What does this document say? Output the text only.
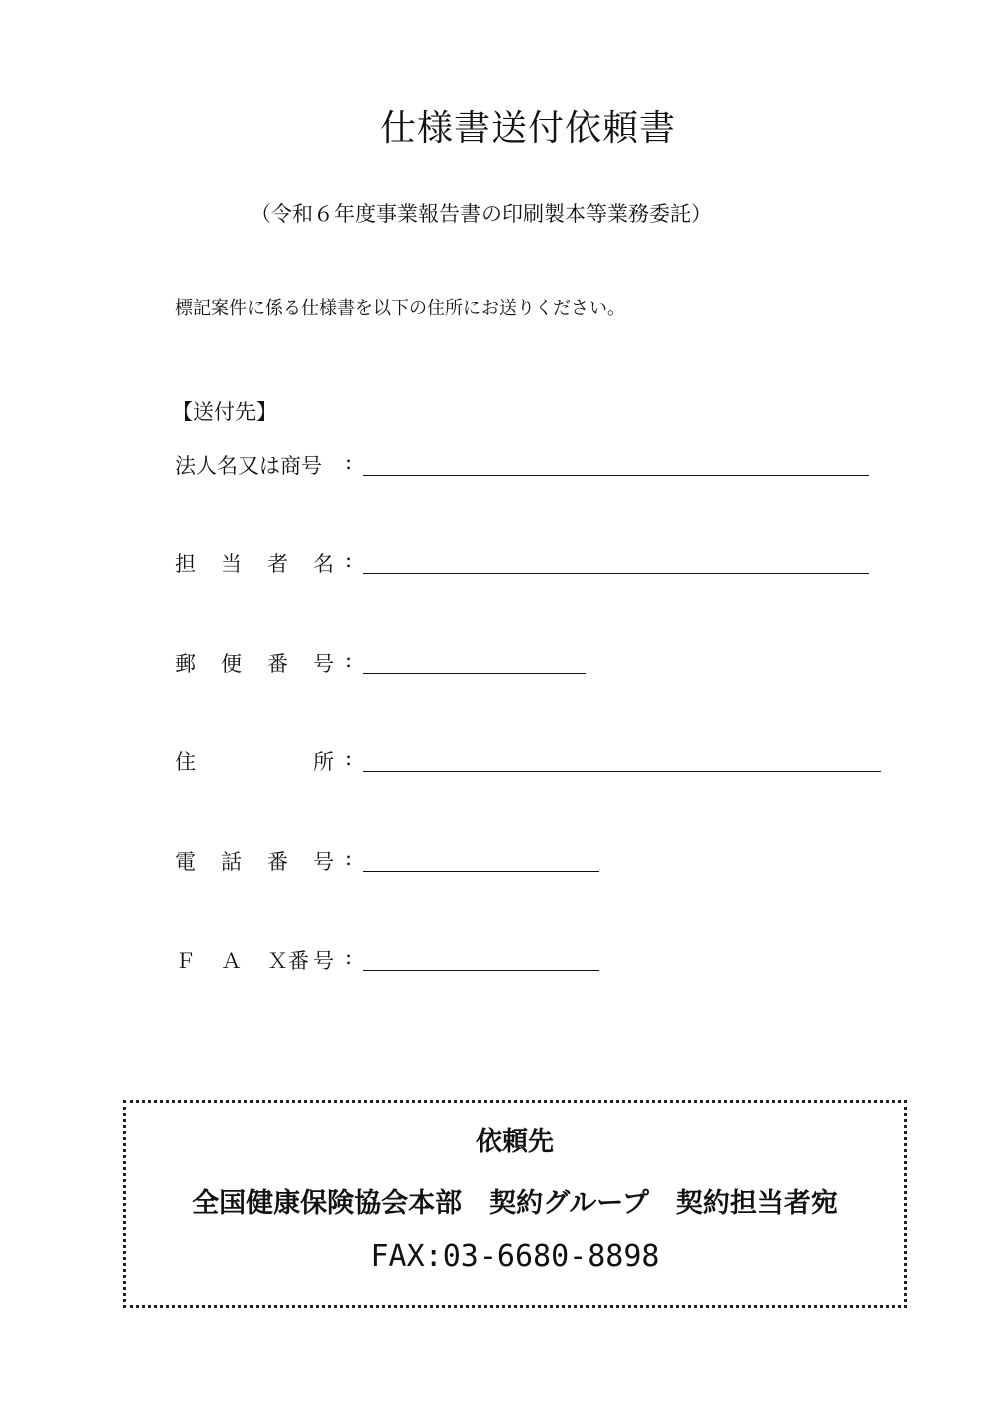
仕様書送付依頼書
（令和６年度事業報告書の印刷製本等業務委託）
標記案件に係る仕様書を以下の住所にお送りください。
【送付先】
法人名又は商号 :
担 当 者 名 :
郵 便 番 号 :
住	所 :
電 話 番 号 :
Ｆ Ａ Ｘ番 号 :
依頼先
全国健康保険協会本部　契約グループ　契約担当者宛
FAX:03-6680-8898
